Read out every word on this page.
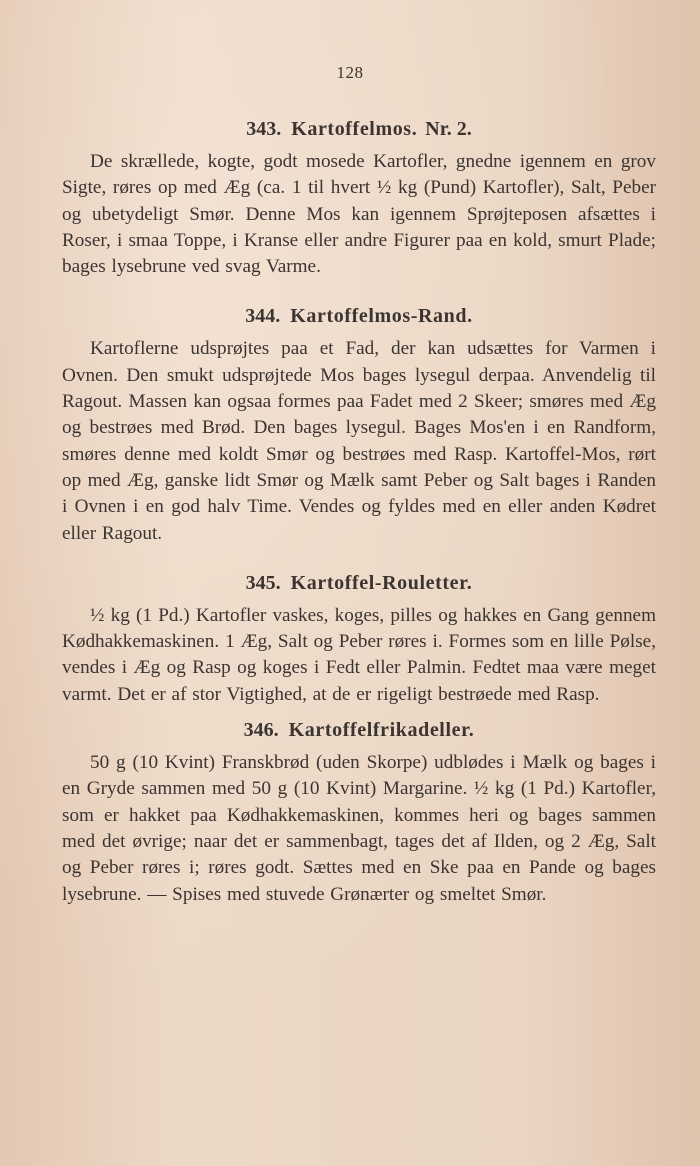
128
343. Kartoffelmos. Nr. 2.

De skrællede, kogte, godt mosede Kartofler, gnedne igennem en grov Sigte, røres op med Æg (ca. 1 til hvert ½ kg (Pund) Kartofler), Salt, Peber og ubetydeligt Smør. Denne Mos kan igennem Sprøjteposen afsættes i Roser, i smaa Toppe, i Kranse eller andre Figurer paa en kold, smurt Plade; bages lysebrune ved svag Varme.

344. Kartoffelmos-Rand.

Kartoflerne udsprøjtes paa et Fad, der kan udsættes for Varmen i Ovnen. Den smukt udsprøjtede Mos bages lysegul derpaa. Anvendelig til Ragout. Massen kan ogsaa formes paa Fadet med 2 Skeer; smøres med Æg og bestrøes med Brød. Den bages lysegul. Bages Mos'en i en Randform, smøres denne med koldt Smør og bestrøes med Rasp. Kartoffel-Mos, rørt op med Æg, ganske lidt Smør og Mælk samt Peber og Salt bages i Randen i Ovnen i en god halv Time. Vendes og fyldes med en eller anden Kødret eller Ragout.

345. Kartoffel-Rouletter.

½ kg (1 Pd.) Kartofler vaskes, koges, pilles og hakkes en Gang gennem Kødhakkemaskinen. 1 Æg, Salt og Peber røres i. Formes som en lille Pølse, vendes i Æg og Rasp og koges i Fedt eller Palmin. Fedtet maa være meget varmt. Det er af stor Vigtighed, at de er rigeligt bestrøede med Rasp.

346. Kartoffelfrikadeller.

50 g (10 Kvint) Franskbrød (uden Skorpe) udblødes i Mælk og bages i en Gryde sammen med 50 g (10 Kvint) Margarine. ½ kg (1 Pd.) Kartofler, som er hakket paa Kødhakkemaskinen, kommes heri og bages sammen med det øvrige; naar det er sammenbagt, tages det af Ilden, og 2 Æg, Salt og Peber røres i; røres godt. Sættes med en Ske paa en Pande og bages lysebrune. — Spises med stuvede Grønærter og smeltet Smør.
